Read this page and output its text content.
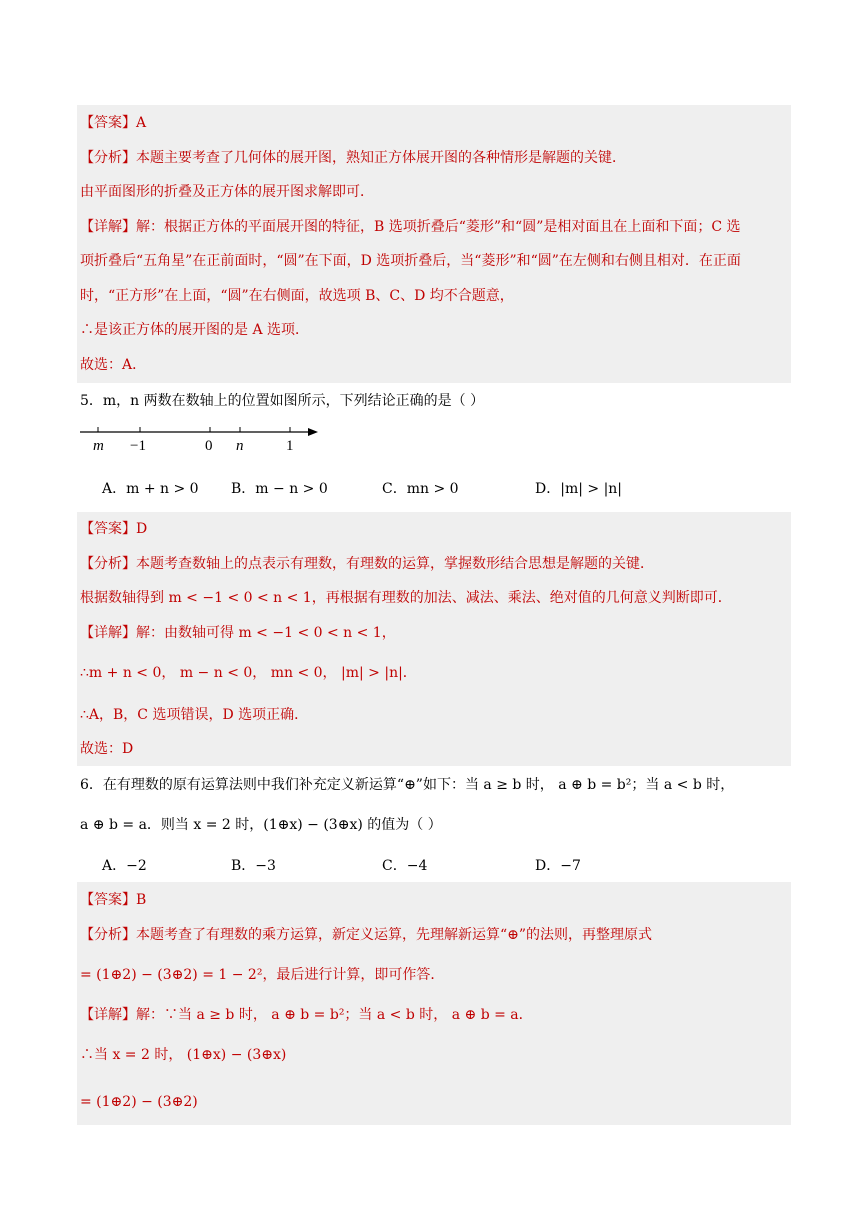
【答案】A
【分析】本题主要考查了几何体的展开图，熟知正方体展开图的各种情形是解题的关键．
由平面图形的折叠及正方体的展开图求解即可．
【详解】解：根据正方体的平面展开图的特征，B 选项折叠后“菱形”和“圆”是相对面且在上面和下面；C 选
项折叠后“五角星”在正前面时，“圆”在下面，D 选项折叠后，当“菱形”和“圆”在左侧和右侧且相对．在正面
时，“正方形”在上面，“圆”在右侧面，故选项 B、C、D 均不合题意，
∴是该正方体的展开图的是 A 选项．
故选：A．
5．m，n 两数在数轴上的位置如图所示，下列结论正确的是（ ）
m −1	0 n	1
A．m + n > 0 B．m − n > 0	C．mn > 0	D．|m| > |n|
【答案】D
【分析】本题考查数轴上的点表示有理数，有理数的运算，掌握数形结合思想是解题的关键．
根据数轴得到 m < −1 < 0 < n < 1，再根据有理数的加法、减法、乘法、绝对值的几何意义判断即可．
【详解】解：由数轴可得 m < −1 < 0 < n < 1，
∴m + n < 0， m − n < 0， mn < 0， |m| > |n|．
∴A，B，C 选项错误，D 选项正确．
故选：D
6．在有理数的原有运算法则中我们补充定义新运算“⊕”如下：当 a ≥ b 时， a ⊕ b = b²；当 a < b 时，
a ⊕ b = a．则当 x = 2 时，(1⊕x) − (3⊕x) 的值为（ ）
A．−2	B．−3	C．−4	D．−7
【答案】B
【分析】本题考查了有理数的乘方运算，新定义运算，先理解新运算“⊕”的法则，再整理原式
= (1⊕2) − (3⊕2) = 1 − 2²，最后进行计算，即可作答．
【详解】解：∵当 a ≥ b 时， a ⊕ b = b²；当 a < b 时， a ⊕ b = a．
∴当 x = 2 时， (1⊕x) − (3⊕x)
= (1⊕2) − (3⊕2)
